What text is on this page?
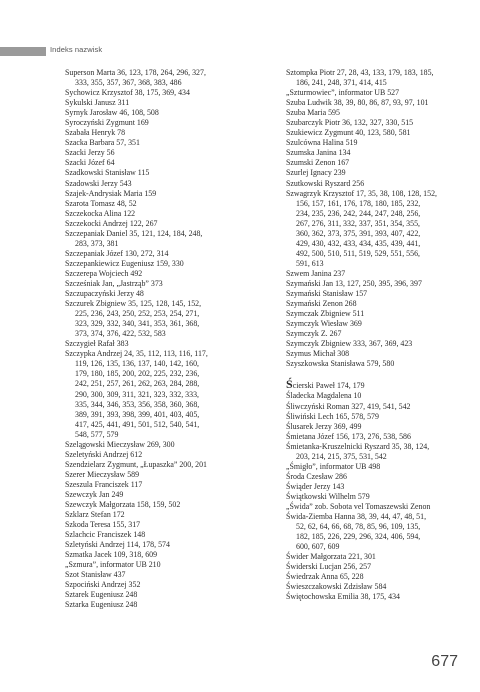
Indeks nazwisk
Superson Marta 36, 123, 178, 264, 296, 327,
333, 355, 357, 367, 368, 383, 486
Sychowicz Krzysztof 38, 175, 369, 434
Sykulski Janusz 311
Syrnyk Jarosław 46, 108, 508
Syroczyński Zygmunt 169
Szabała Henryk 78
Szacka Barbara 57, 351
Szacki Jerzy 56
Szacki Józef 64
Szadkowski Stanisław 115
Szadowski Jerzy 543
Szajek-Andrysiak Maria 159
Szarota Tomasz 48, 52
Szczekocka Alina 122
Szczekocki Andrzej 122, 267
Szczepaniak Daniel 35, 121, 124, 184, 248,
283, 373, 381
Szczepaniak Józef 130, 272, 314
Szczepankiewicz Eugeniusz 159, 330
Szczerepa Wojciech 492
Szcześniak Jan, „Jastrząb” 373
Szczupaczyński Jerzy 48
Szczurek Zbigniew 35, 125, 128, 145, 152,
225, 236, 243, 250, 252, 253, 254, 271,
323, 329, 332, 340, 341, 353, 361, 368,
373, 374, 376, 422, 532, 583
Szczygieł Rafał 383
Szczypka Andrzej 24, 35, 112, 113, 116, 117,
119, 126, 135, 136, 137, 140, 142, 160,
179, 180, 185, 200, 202, 225, 232, 236,
242, 251, 257, 261, 262, 263, 284, 288,
290, 300, 309, 311, 321, 323, 332, 333,
335, 344, 346, 353, 356, 358, 360, 368,
389, 391, 393, 398, 399, 401, 403, 405,
417, 425, 441, 491, 501, 512, 540, 541,
548, 577, 579
Szelągowski Mieczysław 269, 300
Szeletyński Andrzej 612
Szendzielarz Zygmunt, „Łupaszka” 200, 201
Szerer Mieczysław 589
Szeszula Franciszek 117
Szewczyk Jan 249
Szewczyk Małgorzata 158, 159, 502
Szklarz Stefan 172
Szkoda Teresa 155, 317
Szlachcic Franciszek 148
Szletyński Andrzej 114, 178, 574
Szmatka Jacek 109, 318, 609
„Szmura”, informator UB 210
Szot Stanisław 437
Szpociński Andrzej 352
Sztarek Eugeniusz 248
Sztarka Eugeniusz 248
Sztompka Piotr 27, 28, 43, 133, 179, 183, 185,
186, 241, 248, 371, 414, 415
„Szturmowiec”, informator UB 527
Szuba Ludwik 38, 39, 80, 86, 87, 93, 97, 101
Szuba Maria 595
Szubarczyk Piotr 36, 132, 327, 330, 515
Szukiewicz Zygmunt 40, 123, 580, 581
Szulcówna Halina 519
Szumska Janina 134
Szumski Zenon 167
Szurlej Ignacy 239
Szutkowski Ryszard 256
Szwagrzyk Krzysztof 17, 35, 38, 108, 128, 152,
156, 157, 161, 176, 178, 180, 185, 232,
234, 235, 236, 242, 244, 247, 248, 256,
267, 276, 311, 332, 337, 351, 354, 355,
360, 362, 373, 375, 391, 393, 407, 422,
429, 430, 432, 433, 434, 435, 439, 441,
492, 500, 510, 511, 519, 529, 551, 556,
591, 613
Szwem Janina 237
Szymański Jan 13, 127, 250, 395, 396, 397
Szymański Stanisław 157
Szymański Zenon 268
Szymczak Zbigniew 511
Szymczyk Wiesław 369
Szymczyk Z. 267
Szymczyk Zbigniew 333, 367, 369, 423
Szymus Michał 308
Szyszkowska Stanisława 579, 580
Ścierski Paweł 174, 179
Śladecka Magdalena 10
Śliwczyński Roman 327, 419, 541, 542
Śliwiński Lech 165, 578, 579
Ślusarek Jerzy 369, 499
Śmietana Józef 156, 173, 276, 538, 586
Śmietanka-Kruszelnicki Ryszard 35, 38, 124,
203, 214, 215, 375, 531, 542
„Śmigło”, informator UB 498
Środa Czesław 286
Świąder Jerzy 143
Świątkowski Wilhelm 579
„Świda” zob. Sobota vel Tomaszewski Zenon
Świda-Ziemba Hanna 38, 39, 44, 47, 48, 51,
52, 62, 64, 66, 68, 78, 85, 96, 109, 135,
182, 185, 226, 229, 296, 324, 406, 594,
600, 607, 609
Świder Małgorzata 221, 301
Świderski Lucjan 256, 257
Świedrzak Anna 65, 228
Świeszczakowski Zdzisław 584
Świętochowska Emilia 38, 175, 434
677
